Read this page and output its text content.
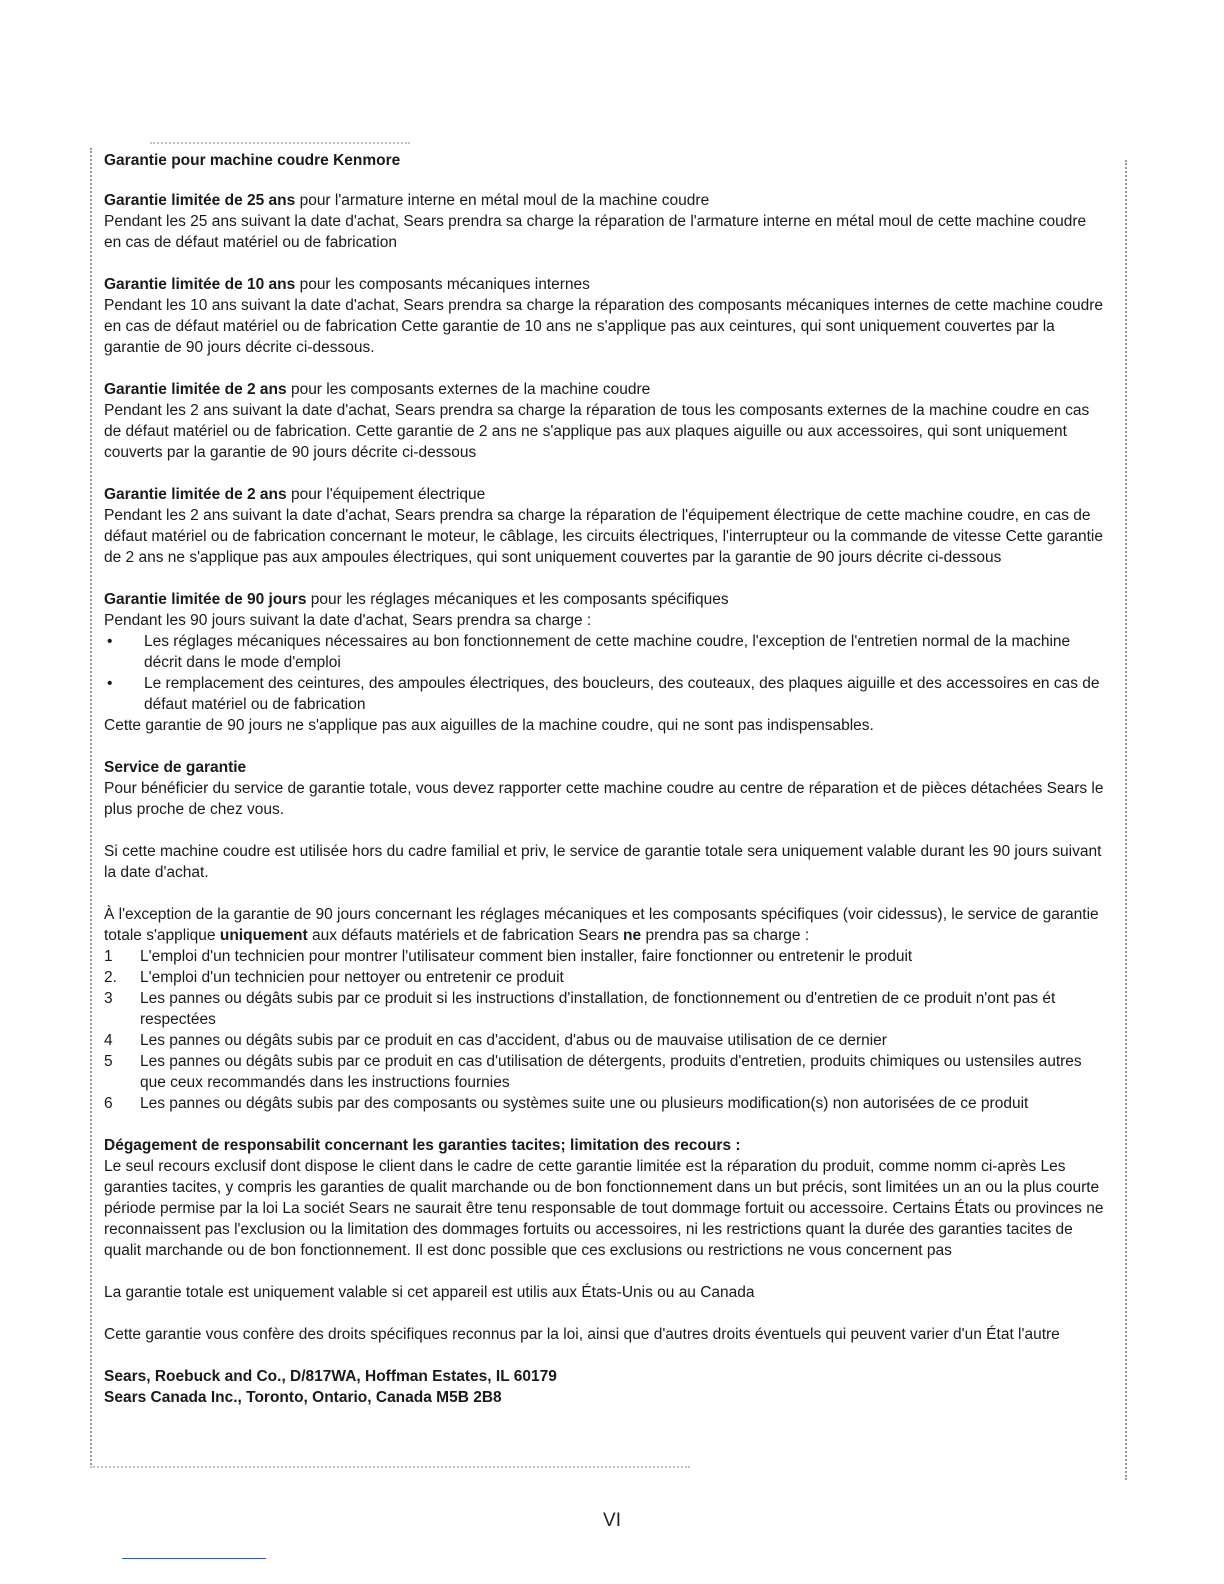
Garantie pour machine coudre Kenmore

Garantie limitée de 25 ans pour l'armature interne en métal moul de la machine coudre

Pendant les 25 ans suivant la date d'achat, Sears prendra sa charge la réparation de l'armature interne en métal moul de cette machine coudre en cas de défaut matériel ou de fabrication

Garantie limitée de 10 ans pour les composants mécaniques internes

Pendant les 10 ans suivant la date d'achat, Sears prendra sa charge la réparation des composants mécaniques internes de cette machine coudre en cas de défaut matériel ou de fabrication Cette garantie de 10 ans ne s'applique pas aux ceintures, qui sont uniquement couvertes par la garantie de 90 jours décrite ci-dessous.

Garantie limitée de 2 ans pour les composants externes de la machine coudre

Pendant les 2 ans suivant la date d'achat, Sears prendra sa charge la réparation de tous les composants externes de la machine coudre en cas de défaut matériel ou de fabrication. Cette garantie de 2 ans ne s'applique pas aux plaques aiguille ou aux accessoires, qui sont uniquement couverts par la garantie de 90 jours décrite ci-dessous

Garantie limitée de 2 ans pour l'équipement électrique

Pendant les 2 ans suivant la date d'achat, Sears prendra sa charge la réparation de l'équipement électrique de cette machine coudre, en cas de défaut matériel ou de fabrication concernant le moteur, le câblage, les circuits électriques, l'interrupteur ou la commande de vitesse Cette garantie de 2 ans ne s'applique pas aux ampoules électriques, qui sont uniquement couvertes par la garantie de 90 jours décrite ci-dessous

Garantie limitée de 90 jours pour les réglages mécaniques et les composants spécifiques

Pendant les 90 jours suivant la date d'achat, Sears prendra sa charge :

• Les réglages mécaniques nécessaires au bon fonctionnement de cette machine coudre, l'exception de l'entretien normal de la machine décrit dans le mode d'emploi
• Le remplacement des ceintures, des ampoules électriques, des boucleurs, des couteaux, des plaques aiguille et des accessoires en cas de défaut matériel ou de fabrication

Cette garantie de 90 jours ne s'applique pas aux aiguilles de la machine coudre, qui ne sont pas indispensables.

Service de garantie

Pour bénéficier du service de garantie totale, vous devez rapporter cette machine coudre au centre de réparation et de pièces détachées Sears le plus proche de chez vous.

Si cette machine coudre est utilisée hors du cadre familial et priv, le service de garantie totale sera uniquement valable durant les 90 jours suivant la date d'achat.

À l'exception de la garantie de 90 jours concernant les réglages mécaniques et les composants spécifiques (voir cidessus), le service de garantie totale s'applique uniquement aux défauts matériels et de fabrication Sears ne prendra pas sa charge :

1 L'emploi d'un technicien pour montrer l'utilisateur comment bien installer, faire fonctionner ou entretenir le produit
2. L'emploi d'un technicien pour nettoyer ou entretenir ce produit
3 Les pannes ou dégâts subis par ce produit si les instructions d'installation, de fonctionnement ou d'entretien de ce produit n'ont pas ét respectées
4 Les pannes ou dégâts subis par ce produit en cas d'accident, d'abus ou de mauvaise utilisation de ce dernier
5 Les pannes ou dégâts subis par ce produit en cas d'utilisation de détergents, produits d'entretien, produits chimiques ou ustensiles autres que ceux recommandés dans les instructions fournies
6 Les pannes ou dégâts subis par des composants ou systèmes suite une ou plusieurs modification(s) non autorisées de ce produit

Dégagement de responsabilit concernant les garanties tacites; limitation des recours :

Le seul recours exclusif dont dispose le client dans le cadre de cette garantie limitée est la réparation du produit, comme nomm ci-après Les garanties tacites, y compris les garanties de qualit marchande ou de bon fonctionnement dans un but précis, sont limitées un an ou la plus courte période permise par la loi La sociét Sears ne saurait être tenu responsable de tout dommage fortuit ou accessoire. Certains États ou provinces ne reconnaissent pas l'exclusion ou la limitation des dommages fortuits ou accessoires, ni les restrictions quant la durée des garanties tacites de qualit marchande ou de bon fonctionnement. Il est donc possible que ces exclusions ou restrictions ne vous concernent pas

La garantie totale est uniquement valable si cet appareil est utilis aux États-Unis ou au Canada

Cette garantie vous confère des droits spécifiques reconnus par la loi, ainsi que d'autres droits éventuels qui peuvent varier d'un État l'autre

Sears, Roebuck and Co., D/817WA, Hoffman Estates, IL 60179

Sears Canada Inc., Toronto, Ontario, Canada M5B 2B8

VI
